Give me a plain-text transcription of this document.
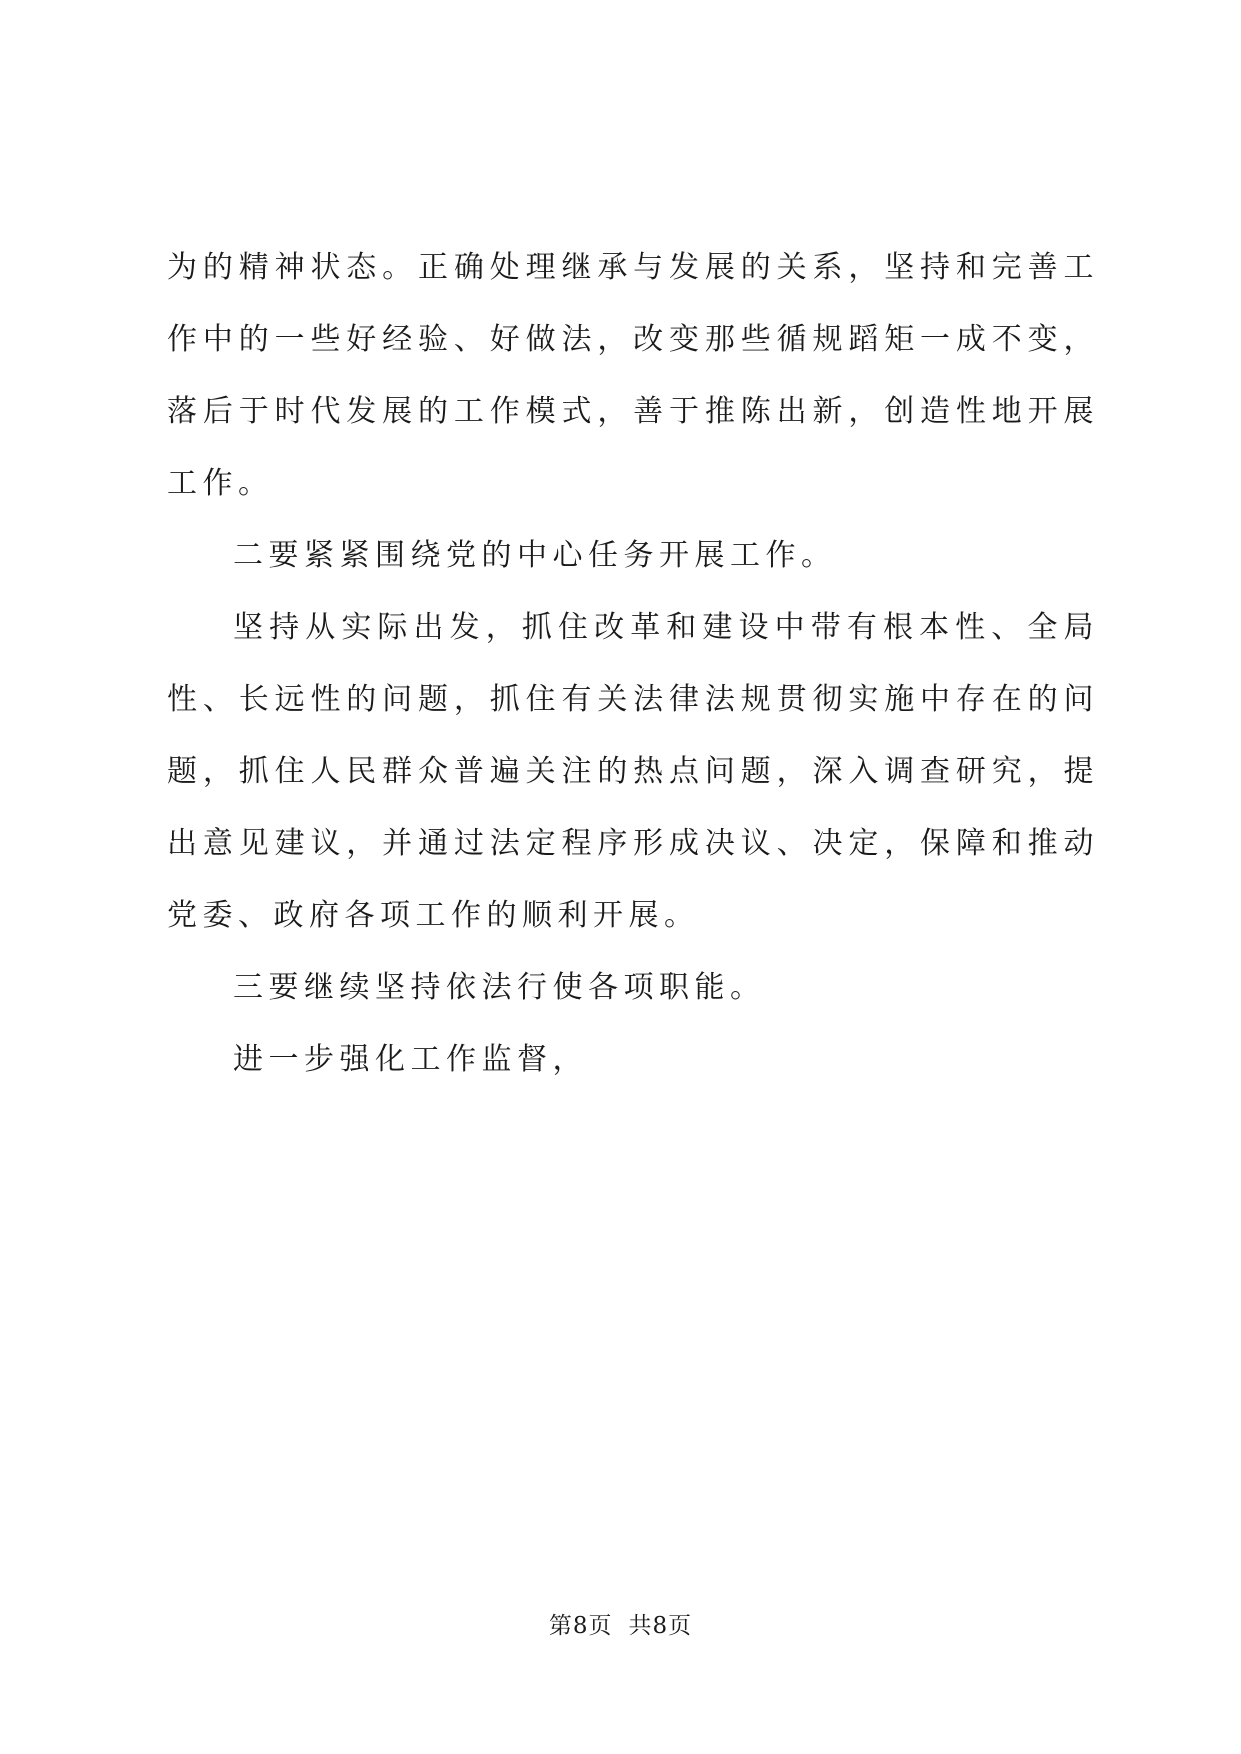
为的精神状态。正确处理继承与发展的关系，坚持和完善工作中的一些好经验、好做法，改变那些循规蹈矩一成不变，落后于时代发展的工作模式，善于推陈出新，创造性地开展工作。

二要紧紧围绕党的中心任务开展工作。

坚持从实际出发，抓住改革和建设中带有根本性、全局性、长远性的问题，抓住有关法律法规贯彻实施中存在的问题，抓住人民群众普遍关注的热点问题，深入调查研究，提出意见建议，并通过法定程序形成决议、决定，保障和推动党委、政府各项工作的顺利开展。

三要继续坚持依法行使各项职能。

进一步强化工作监督，

第8页 共8页
